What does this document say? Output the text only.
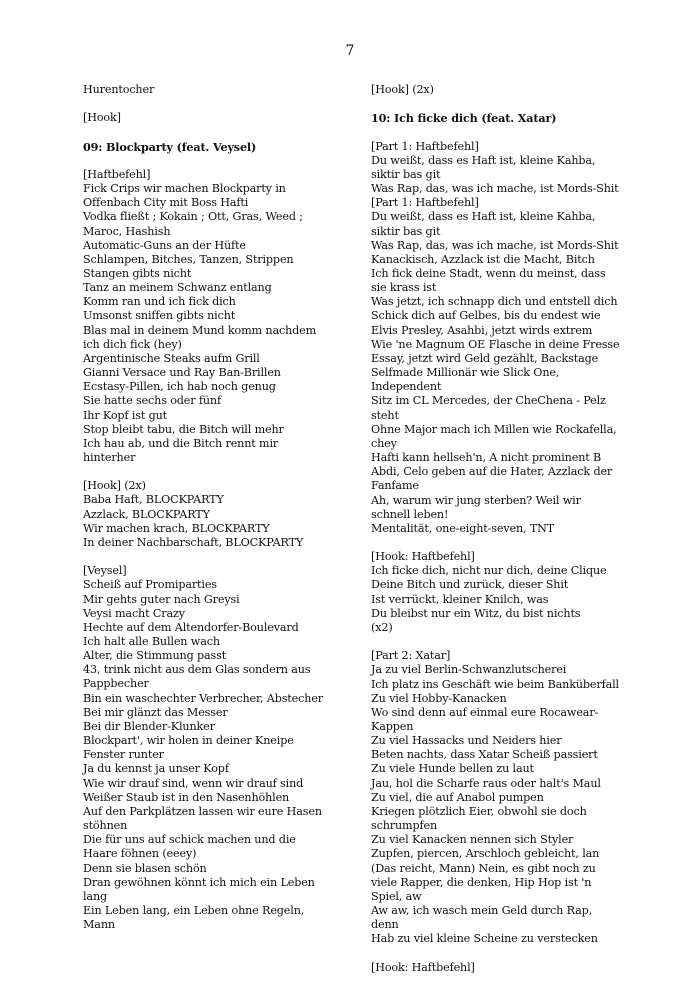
7
Hurentocher
[Hook]
09: Blockparty (feat. Veysel)
[Haftbefehl]
Fick Crips wir machen Blockparty in Offenbach City mit Boss Hafti
Vodka fließt ; Kokain ; Ott, Gras, Weed ; Maroc, Hashish
Automatic-Guns an der Hüfte
Schlampen, Bitches, Tanzen, Strippen
Stangen gibts nicht
Tanz an meinem Schwanz entlang
Komm ran und ich fick dich
Umsonst sniffen gibts nicht
Blas mal in deinem Mund komm nachdem ich dich fick (hey)
Argentinische Steaks aufm Grill
Gianni Versace und Ray Ban-Brillen
Ecstasy-Pillen, ich hab noch genug
Sie hatte sechs oder fünf
Ihr Kopf ist gut
Stop bleibt tabu, die Bitch will mehr
Ich hau ab, und die Bitch rennt mir hinterher
[Hook] (2x)
Baba Haft, BLOCKPARTY
Azzlack, BLOCKPARTY
Wir machen krach, BLOCKPARTY
In deiner Nachbarschaft, BLOCKPARTY
[Veysel]
Scheiß auf Promiparties
Mir gehts guter nach Greysi
Veysi macht Crazy
Hechte auf dem Altendorfer-Boulevard
Ich halt alle Bullen wach
Alter, die Stimmung passt
43, trink nicht aus dem Glas sondern aus Pappbecher
Bin ein waschechter Verbrecher, Abstecher
Bei mir glänzt das Messer
Bei dir Blender-Klunker
Blockpart', wir holen in deiner Kneipe Fenster runter
Ja du kennst ja unser Kopf
Wie wir drauf sind, wenn wir drauf sind
Weißer Staub ist in den Nasenhöhlen
Auf den Parkplätzen lassen wir eure Hasen stöhnen
Die für uns auf schick machen und die Haare föhnen (eeey)
Denn sie blasen schön
Dran gewöhnen könnt ich mich ein Leben lang
Ein Leben lang, ein Leben ohne Regeln, Mann
[Hook] (2x)
10: Ich ficke dich (feat. Xatar)
[Part 1: Haftbefehl]
Du weißt, dass es Haft ist, kleine Kahba, siktir bas git
Was Rap, das, was ich mache, ist Mords-Shit
[Part 1: Haftbefehl]
Du weißt, dass es Haft ist, kleine Kahba, siktir bas git
Was Rap, das, was ich mache, ist Mords-Shit
Kanackisch, Azzlack ist die Macht, Bitch
Ich fick deine Stadt, wenn du meinst, dass sie krass ist
Was jetzt, ich schnapp dich und entstell dich
Schick dich auf Gelbes, bis du endest wie Elvis Presley, Asahbi, jetzt wirds extrem
Wie 'ne Magnum OE Flasche in deine Fresse
Essay, jetzt wird Geld gezählt, Backstage
Selfmade Millionär wie Slick One, Independent
Sitz im CL Mercedes, der CheChena - Pelz steht
Ohne Major mach ich Millen wie Rockafella, chey
Hafti kann hellseh'n, A nicht prominent B
Abdi, Celo geben auf die Hater, Azzlack der Fanfame
Ah, warum wir jung sterben? Weil wir schnell leben!
Mentalität, one-eight-seven, TNT
[Hook: Haftbefehl]
Ich ficke dich, nicht nur dich, deine Clique
Deine Bitch und zurück, dieser Shit
Ist verrückt, kleiner Knilch, was
Du bleibst nur ein Witz, du bist nichts
(x2)
[Part 2: Xatar]
Ja zu viel Berlin-Schwanzlutscherei
Ich platz ins Geschäft wie beim Banküberfall
Zu viel Hobby-Kanacken
Wo sind denn auf einmal eure Rocawear-Kappen
Zu viel Hassacks und Neiders hier
Beten nachts, dass Xatar Scheiß passiert
Zu viele Hunde bellen zu laut
Jau, hol die Scharfe raus oder halt's Maul
Zu viel, die auf Anabol pumpen
Kriegen plötzlich Eier, obwohl sie doch schrumpfen
Zu viel Kanacken nennen sich Styler
Zupfen, piercen, Arschloch gebleicht, lan
(Das reicht, Mann) Nein, es gibt noch zu viele Rapper, die denken, Hip Hop ist 'n Spiel, aw
Aw aw, ich wasch mein Geld durch Rap, denn
Hab zu viel kleine Scheine zu verstecken
[Hook: Haftbefehl]
